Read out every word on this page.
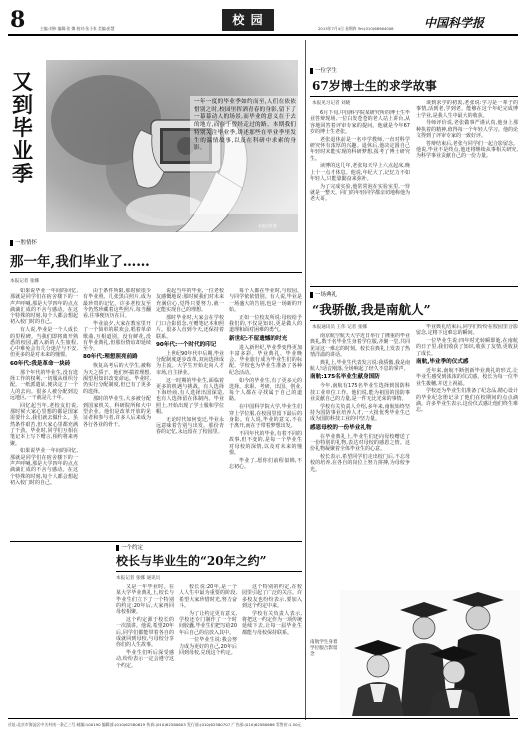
8	主编:刘伟 编辑:张 娜 校对:张小张 美编:彭慧
校 园
2013年7月4日 星期四 Tel:(010)68984008	中国科学报
又到毕业季
一年一度的毕业季如约而至,人们在依依惜别之时,校园里挥洒青春的身影,留下了一幕幕动人的场景,而毕业的意义在于去的地方,而在于曾经走过的路。本期我们特别关注毕业季,讲述那些在毕业季里发生的温情故事,以及在科研中求索的身影。
本报记者 摄
一腔情怀
那一年,我们毕业了……
本报记者 张娜

如果说毕业一年间的回忆,那就是同学们在宿舍楼下的一声声呼喊,那是大学四年的点点滴滴汇成的不舍与感动。在这个特殊的时刻,每个人都会想起初入校门时的自己。

有人说,毕业是一个人成长的里程碑。当我们即将离开熟悉的校园,踏入新的人生旅程,心中难免会有几分迷茫与不安,但更多的是对未来的憧憬。

60年代:我是革命一块砖

那个年代的毕业生,没有选择工作的权利,一切服从组织分配。一纸派遣证,便决定了一个人的去向。很多人被分配到边远地区,一干就是几十年。

回忆起当年,老校友们说,那时候大家心里想的都是国家需要什么,我们就去做什么。虽然条件艰苦,但大家心里都充满了干劲。毕业时,同学们互相在笔记本上写下赠言,相约将来再聚。

如果说毕业一年间的回忆,那就是同学们在宿舍楼下的一声声呼喊,那是大学四年的点点滴滴汇成的不舍与感动。在这个特殊的时刻,每个人都会想起初入校门时的自己。

由于条件所限,那时候很少有毕业照。几张黑白照片,成为最珍贵的记忆。许多老校友至今仍然珍藏着这些照片,每当翻看,往事便历历在目。

毕业前夕,大家在教室里开了一个简单的联欢会,唱着革命歌曲,互相道别。没有鲜花,没有毕业典礼,但那份情谊却延续至今。

80年代:理想照亮前路

恢复高考后的大学生,被称为天之骄子。他们怀揣着理想,渴望用知识改变命运。毕业时,仍实行分配制度,但已有了更多的选择。

那时的毕业生,大多被分配到国家机关、科研院所和大中型企业。他们是改革开放的见证者和参与者,许多人后来成为各行各业的骨干。

说起当年的毕业,一位老校友感慨地说:那时候我们对未来充满信心,觉得只要努力,就一定能实现自己的理想。

那时毕业时,大家会在学校门口合影留念,互赠笔记本和照片。很多人直到今天,还保持着联系。

90年代:一个时代的印记

上世纪90年代中后期,毕业分配制度逐步改革,双向选择成为主流。大学生开始走向人才市场,自主择业。

这一时期的毕业生,面临着更多的机遇与挑战。有人选择下海经商,有人选择出国深造,也有人选择留在体制内。毕业照上,开始出现了学士服和学位帽。

无论时代如何变迁,毕业永远意味着告别与出发。那份青春的记忆,永远留在了校园里。

每个人都在毕业时,与校园、与同学依依惜别。有人说,毕业是一场盛大的告别,也是一场新的开始。

正如一位校友所说:母校给予我们的,不仅是知识,更是做人的道理和面对困难的勇气。

新世纪:不留遗憾的时光

进入新世纪,毕业季变得更加丰富多彩。毕业典礼、毕业晚会、毕业旅行成为毕业生们的标配。学校也为毕业生准备了各种纪念活动。

如今的毕业生,有了更多元的选择。求职、考研、出国、创业,每个人都在寻找属于自己的道路。

在中国科学院大学,毕业生们穿上学位服,在校园里留下最后的身影。有人说,毕业的意义,不在于离开,而在于带着梦想出发。

不同年代的毕业,有着不同的故事,但不变的,是每一个毕业生对母校的深情,以及对未来的憧憬。

毕业了,愿你们前程似锦,不忘初心。

一位学生
67岁博士生的求学故事
本报见习记者 刘晓

6月下旬,中国科学院某研究所的博士生毕业答辩现场,一位白发苍苍的老人站上讲台,从容地回答着评审专家的提问。他就是今年67岁的博士生老张。

老张退休前是一名中学教师,一直对科学研究怀有浓厚的兴趣。退休后,他决定圆自己年轻时未能实现的科研梦想,报考了博士研究生。

读博的这几年,老张每天早上六点起床,晚上十一点才休息。他说,年纪大了,记忆力不如年轻人,只能靠勤奋来弥补。

为了完成实验,他常常泡在实验室里,一待就是一整天。同门的年轻同学都亲切地称他为老大哥。

谈到求学的初衷,老张说:学习是一辈子的事情,活到老,学到老。能够在这个年纪完成博士学业,是我人生中最大的收获。

导师评价说,老张做事严谨认真,他身上那种执着的精神,值得每一个年轻人学习。他的论文得到了评审专家的一致好评。

答辩结束后,老张与同学们一起合影留念。他说,毕业不是终点,他还将继续从事相关研究,为科学事业贡献自己的一份力量。

一场典礼
“我骄傲,我是南航人”
本报通讯员 王伟 记者 张娜

南京航空航天大学近日举行了隆重的毕业典礼,数千名毕业生身着学位服,齐聚一堂,共同见证这一难忘的时刻。校长在典礼上发表了热情洋溢的讲话。

典礼上,毕业生代表发言说:我骄傲,我是南航人!话音刚落,全场响起了经久不息的掌声。

南航:175名毕业生献身国防

今年,南航有175名毕业生选择到国防科技工业单位工作。他们说,能为祖国的国防事业贡献自己的力量,是一件无比光荣的事情。

学校有关负责人介绍,多年来,南航始终坚持为国防事业培养人才,一大批优秀毕业生已成为国防科技工业的中坚力量。

感恩母校的一份毕业礼物

在毕业典礼上,毕业生们还向母校赠送了一份特别的礼物,表达对母校的感恩之情。这份礼物凝聚着全体毕业生的心意。

校长表示,希望同学们走出校门后,不忘母校的培养,在各自的岗位上努力拼搏,为母校争光。

毕业典礼结束后,同学们纷纷在校园里合影留念,定格下这难忘的瞬间。

一位毕业生说:四年时光转瞬即逝,在南航的日子里,我们收获了知识,收获了友情,更收获了成长。

南航,毕业季的仪式感

近年来,南航不断创新毕业典礼的形式,让毕业生感受到浓浓的仪式感。校长为每一位毕业生拨穗,并送上祝福。

学校还为毕业生们准备了纪念品,精心设计的毕业纪念册记录了他们在校期间的点点滴滴。许多毕业生表示,这份仪式感让他们终生难忘。

南航学生身着学位服合影留念
一个约定
校长与毕业生的“20年之约”
本报记者 张娜 通讯员

又是一年毕业时。在某大学毕业典礼上,校长与毕业生们立下了一个特别的约定:20年后,大家再回母校相聚。

这个约定源于校长的一次演讲。他说,希望20年后,同学们都能带着各自的成就回到母校,与母校分享你们的人生故事。

毕业生们听后深受感动,纷纷表示一定会遵守这个约定。

校长说:20年,是一个人人生中最为重要的阶段,希望大家珍惜时光,努力奋斗。

为了让约定更有意义,学校还专门制作了一个时间胶囊,毕业生们把写给20年后自己的信放入其中。

一位毕业生说:我会努力成为更好的自己,20年后回到母校,兑现这个约定。

这个特别的约定,在校园里引起了广泛的关注。许多校友也纷纷表示,要加入到这个约定中来。

学校有关负责人表示,将把这一约定作为一项传统延续下去,让每一届毕业生都能与母校保持联系。

社址:北京市海淀区中关村南一条乙三号 邮编:100190 编辑部:(010)62580619 传真:(010)62580603 发行部:(010)62580707 广告部:(010)62580686 零售价:1.50元
